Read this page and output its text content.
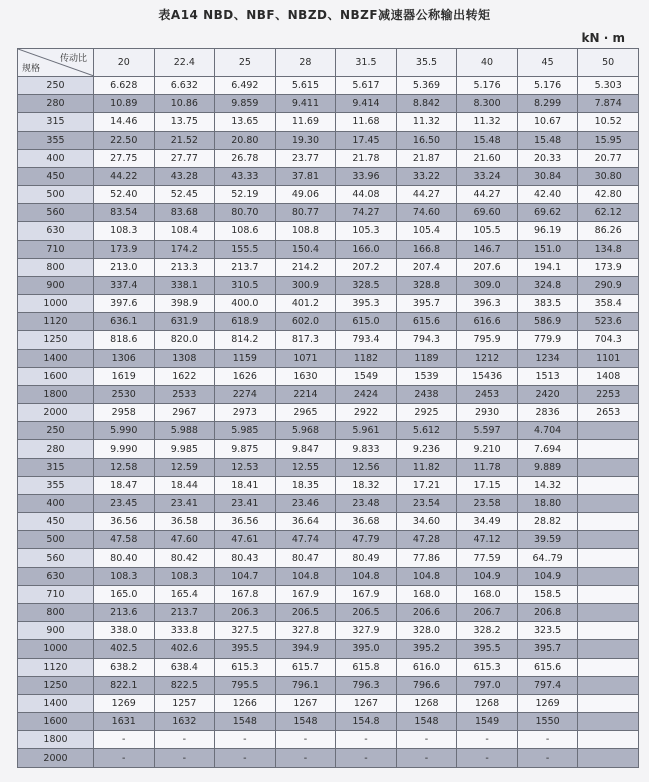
表A14 NBD、NBF、NBZD、NBZF减速器公称输出转矩
kN · m
传动比
规格	20	22.4	25	28	31.5	35.5	40	45	50
250	6.628	6.632	6.492	5.615	5.617	5.369	5.176	5.176	5.303
280	10.89	10.86	9.859	9.411	9.414	8.842	8.300	8.299	7.874
315	14.46	13.75	13.65	11.69	11.68	11.32	11.32	10.67	10.52
355	22.50	21.52	20.80	19.30	17.45	16.50	15.48	15.48	15.95
400	27.75	27.77	26.78	23.77	21.78	21.87	21.60	20.33	20.77
450	44.22	43.28	43.33	37.81	33.96	33.22	33.24	30.84	30.80
500	52.40	52.45	52.19	49.06	44.08	44.27	44.27	42.40	42.80
560	83.54	83.68	80.70	80.77	74.27	74.60	69.60	69.62	62.12
630	108.3	108.4	108.6	108.8	105.3	105.4	105.5	96.19	86.26
710	173.9	174.2	155.5	150.4	166.0	166.8	146.7	151.0	134.8
800	213.0	213.3	213.7	214.2	207.2	207.4	207.6	194.1	173.9
900	337.4	338.1	310.5	300.9	328.5	328.8	309.0	324.8	290.9
1000	397.6	398.9	400.0	401.2	395.3	395.7	396.3	383.5	358.4
1120	636.1	631.9	618.9	602.0	615.0	615.6	616.6	586.9	523.6
1250	818.6	820.0	814.2	817.3	793.4	794.3	795.9	779.9	704.3
1400	1306	1308	1159	1071	1182	1189	1212	1234	1101
1600	1619	1622	1626	1630	1549	1539	15436	1513	1408
1800	2530	2533	2274	2214	2424	2438	2453	2420	2253
2000	2958	2967	2973	2965	2922	2925	2930	2836	2653
250	5.990	5.988	5.985	5.968	5.961	5.612	5.597	4.704	
280	9.990	9.985	9.875	9.847	9.833	9.236	9.210	7.694	
315	12.58	12.59	12.53	12.55	12.56	11.82	11.78	9.889	
355	18.47	18.44	18.41	18.35	18.32	17.21	17.15	14.32	
400	23.45	23.41	23.41	23.46	23.48	23.54	23.58	18.80	
450	36.56	36.58	36.56	36.64	36.68	34.60	34.49	28.82	
500	47.58	47.60	47.61	47.74	47.79	47.28	47.12	39.59	
560	80.40	80.42	80.43	80.47	80.49	77.86	77.59	64..79	
630	108.3	108.3	104.7	104.8	104.8	104.8	104.9	104.9	
710	165.0	165.4	167.8	167.9	167.9	168.0	168.0	158.5	
800	213.6	213.7	206.3	206.5	206.5	206.6	206.7	206.8	
900	338.0	333.8	327.5	327.8	327.9	328.0	328.2	323.5	
1000	402.5	402.6	395.5	394.9	395.0	395.2	395.5	395.7	
1120	638.2	638.4	615.3	615.7	615.8	616.0	615.3	615.6	
1250	822.1	822.5	795.5	796.1	796.3	796.6	797.0	797.4	
1400	1269	1257	1266	1267	1267	1268	1268	1269	
1600	1631	1632	1548	1548	154.8	1548	1549	1550	
1800	-	-	-	-	-	-	-	-	
2000	-	-	-	-	-	-	-	-	
